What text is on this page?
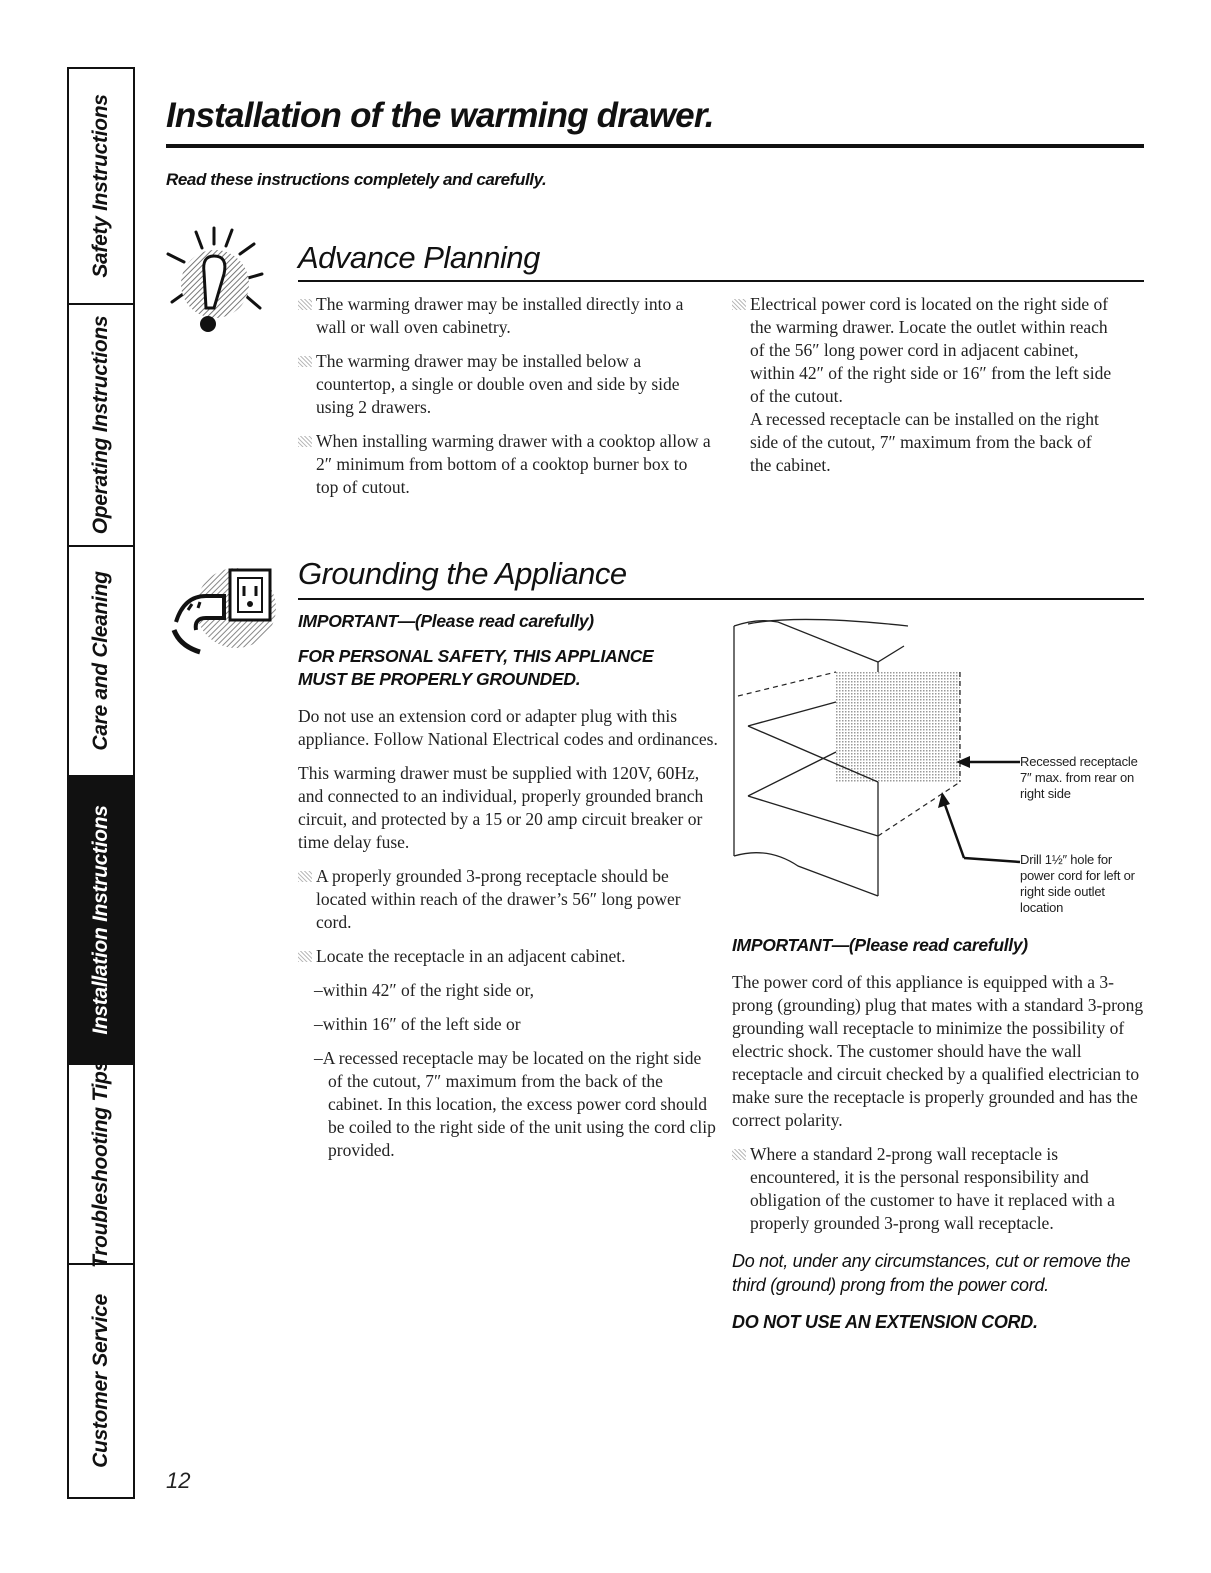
Safety Instructions
Operating Instructions
Care and Cleaning
Installation Instructions
Troubleshooting Tips
Customer Service
Installation of the warming drawer.

Read these instructions completely and carefully.

Advance Planning

The warming drawer may be installed directly into a wall or wall oven cabinetry.

The warming drawer may be installed below a countertop, a single or double oven and side by side using 2 drawers.

When installing warming drawer with a cooktop allow a 2″ minimum from bottom of a cooktop burner box to top of cutout.

Electrical power cord is located on the right side of the warming drawer. Locate the outlet within reach of the 56″ long power cord in adjacent cabinet, within 42″ of the right side or 16″ from the left side of the cutout.

A recessed receptacle can be installed on the right side of the cutout, 7″ maximum from the back of the cabinet.

Grounding the Appliance

IMPORTANT—(Please read carefully)

FOR PERSONAL SAFETY, THIS APPLIANCE

MUST BE PROPERLY GROUNDED.

Do not use an extension cord or adapter plug with this appliance. Follow National Electrical codes and ordinances.

This warming drawer must be supplied with 120V, 60Hz, and connected to an individual, properly grounded branch circuit, and protected by a 15 or 20 amp circuit breaker or time delay fuse.

A properly grounded 3-prong receptacle should be located within reach of the drawer’s 56″ long power cord.

Locate the receptacle in an adjacent cabinet.

–within 42″ of the right side or,

–within 16″ of the left side or

–A recessed receptacle may be located on the right side of the cutout, 7″ maximum from the back of the cabinet. In this location, the excess power cord should be coiled to the right side of the unit using the cord clip provided.

Recessed receptacle 7″ max. from rear on right side
Drill 1½″ hole for power cord for left or right side outlet location

IMPORTANT—(Please read carefully)

The power cord of this appliance is equipped with a 3-prong (grounding) plug that mates with a standard 3-prong grounding wall receptacle to minimize the possibility of electric shock. The customer should have the wall receptacle and circuit checked by a qualified electrician to make sure the receptacle is properly grounded and has the correct polarity.

Where a standard 2-prong wall receptacle is encountered, it is the personal responsibility and obligation of the customer to have it replaced with a properly grounded 3-prong wall receptacle.

Do not, under any circumstances, cut or remove the third (ground) prong from the power cord.

DO NOT USE AN EXTENSION CORD.

12
